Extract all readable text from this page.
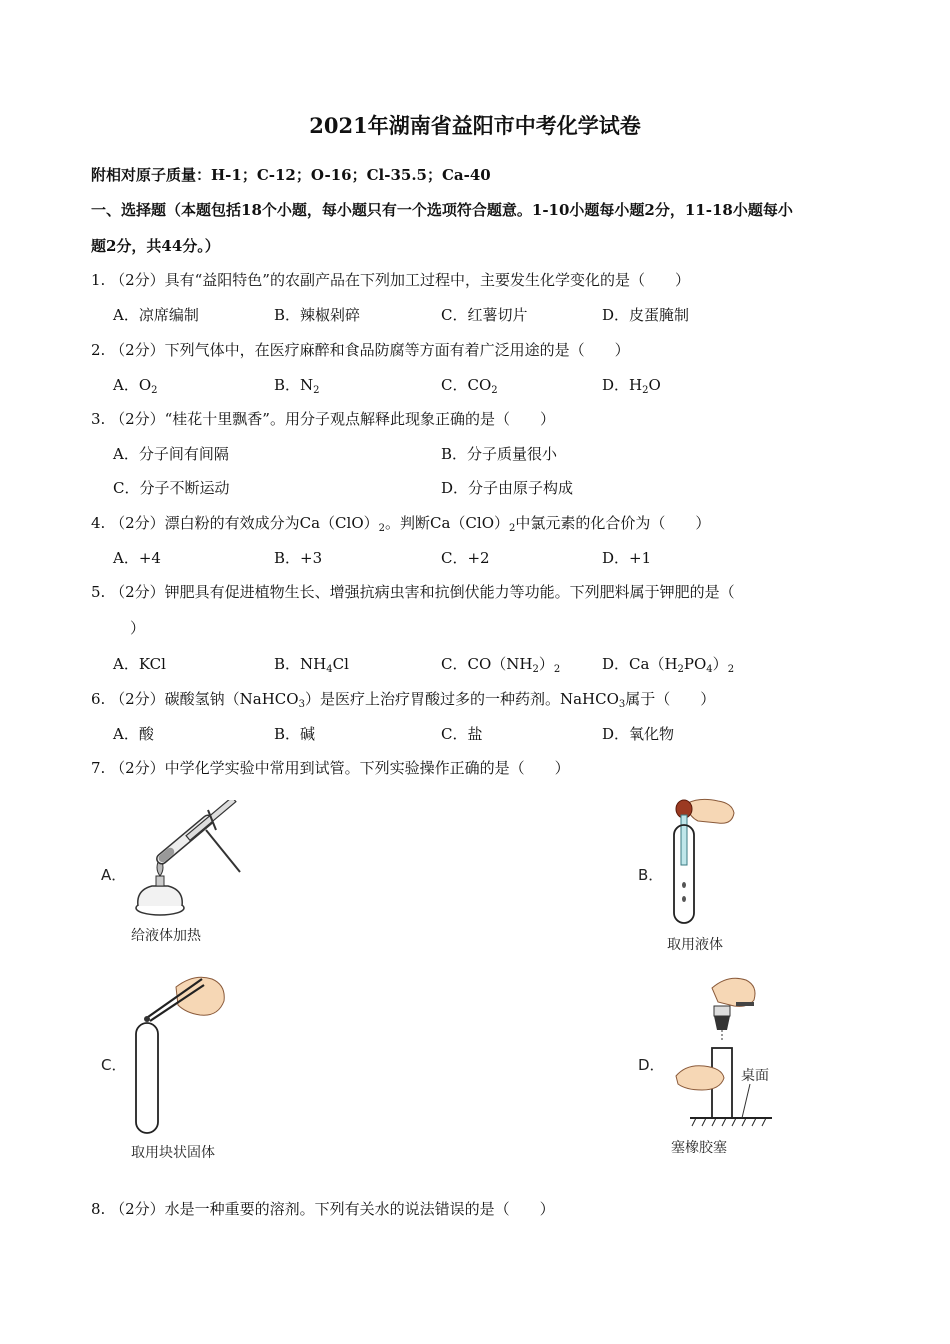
2021年湖南省益阳市中考化学试卷
附相对原子质量：H-1；C-12；O-16；Cl-35.5；Ca-40
一、选择题（本题包括18个小题，每小题只有一个选项符合题意。1-10小题每小题2分，11-18小题每小
题2分，共44分。）
1. （2分）具有“益阳特色”的农副产品在下列加工过程中，主要发生化学变化的是（　　）
A．凉席编制	B．辣椒剁碎	C．红薯切片	D．皮蛋腌制
2. （2分）下列气体中，在医疗麻醉和食品防腐等方面有着广泛用途的是（　　）
A．$O_2$	B．$N_2$	C．$CO_2$	D．$H_2O$
3. （2分）“桂花十里飘香”。用分子观点解释此现象正确的是（　　）
A．分子间有间隔	B．分子质量很小
C．分子不断运动	D．分子由原子构成
4. （2分）漂白粉的有效成分为$Ca(ClO)_2$。判断$Ca(ClO)_2$中氯元素的化合价为（　　）
A．+4	B．+3	C．+2	D．+1
5. （2分）钾肥具有促进植物生长、增强抗病虫害和抗倒伏能力等功能。下列肥料属于钾肥的是（
）
A．KCl	B．$NH_4Cl$	C．$CO(NH_2)_2$	D．$Ca(H_2PO_4)_2$
6. （2分）碳酸氢钠（NaHCO$_3$）是医疗上治疗胃酸过多的一种药剂。NaHCO$_3$属于（　　）
A．酸	B．碱	C．盐	D．氧化物
7. （2分）中学化学实验中常用到试管。下列实验操作正确的是（　　）
A．
给液体加热
B．
取用液体
C．
取用块状固体
D．
桌面
塞橡胶塞
8. （2分）水是一种重要的溶剂。下列有关水的说法错误的是（　　）
